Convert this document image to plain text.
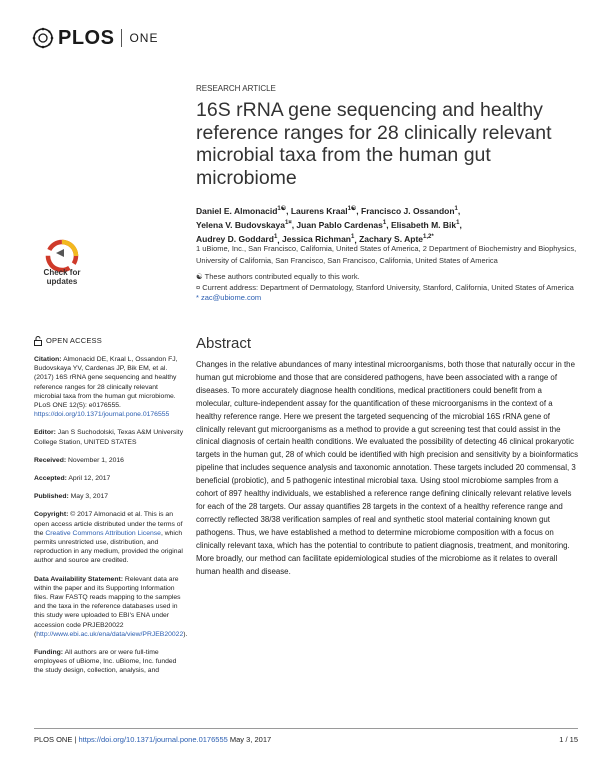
PLOS ONE
RESEARCH ARTICLE
16S rRNA gene sequencing and healthy reference ranges for 28 clinically relevant microbial taxa from the human gut microbiome
Daniel E. Almonacid$^{1☯}$, Laurens Kraal$^{1☯}$, Francisco J. Ossandon$^1$,
Yelena V. Budovskaya$^{1¤}$, Juan Pablo Cardenas$^1$, Elisabeth M. Bik$^1$,
Audrey D. Goddard$^1$, Jessica Richman$^1$, Zachary S. Apte$^{1,2*}$
1 uBiome, Inc., San Francisco, California, United States of America, 2 Department of Biochemistry and Biophysics, University of California, San Francisco, San Francisco, California, United States of America

☯ These authors contributed equally to this work.

¤ Current address: Department of Dermatology, Stanford University, Stanford, California, United States of America

* zac@ubiome.com

Check for
updates
OPEN ACCESS
Citation: Almonacid DE, Kraal L, Ossandon FJ, Budovskaya YV, Cardenas JP, Bik EM, et al. (2017) 16S rRNA gene sequencing and healthy reference ranges for 28 clinically relevant microbial taxa from the human gut microbiome. PLoS ONE 12(5): e0176555. https://doi.org/10.1371/journal.pone.0176555
Editor: Jan S Suchodolski, Texas A&M University College Station, UNITED STATES
Received: November 1, 2016
Accepted: April 12, 2017
Published: May 3, 2017
Copyright: © 2017 Almonacid et al. This is an open access article distributed under the terms of the Creative Commons Attribution License, which permits unrestricted use, distribution, and reproduction in any medium, provided the original author and source are credited.
Data Availability Statement: Relevant data are within the paper and its Supporting Information files. Raw FASTQ reads mapping to the samples and the taxa in the reference databases used in this study were uploaded to EBI's ENA under accession code PRJEB20022 (http://www.ebi.ac.uk/ena/data/view/PRJEB20022).
Funding: All authors are or were full-time employees of uBiome, Inc. uBiome, Inc. funded the study design, collection, analysis, and
Abstract

Changes in the relative abundances of many intestinal microorganisms, both those that naturally occur in the human gut microbiome and those that are considered pathogens, have been associated with a range of diseases. To more accurately diagnose health conditions, medical practitioners could benefit from a molecular, culture-independent assay for the quantification of these microorganisms in the context of a healthy reference range. Here we present the targeted sequencing of the microbial 16S rRNA gene of clinically relevant gut microorganisms as a method to provide a gut screening test that could assist in the clinical diagnosis of certain health conditions. We evaluated the possibility of detecting 46 clinical prokaryotic targets in the human gut, 28 of which could be identified with high precision and sensitivity by a bioinformatics pipeline that includes sequence analysis and taxonomic annotation. These targets included 20 commensal, 3 beneficial (probiotic), and 5 pathogenic intestinal microbial taxa. Using stool microbiome samples from a cohort of 897 healthy individuals, we established a reference range defining clinically relevant relative levels for each of the 28 targets. Our assay quantifies 28 targets in the context of a healthy reference range and correctly reflected 38/38 verification samples of real and synthetic stool material containing known gut pathogens. Thus, we have established a method to determine microbiome composition with a focus on clinically relevant taxa, which has the potential to contribute to patient diagnosis, treatment, and monitoring. More broadly, our method can facilitate epidemiological studies of the microbiome as it relates to overall human health and disease.

PLOS ONE | https://doi.org/10.1371/journal.pone.0176555 May 3, 2017	1 / 15
